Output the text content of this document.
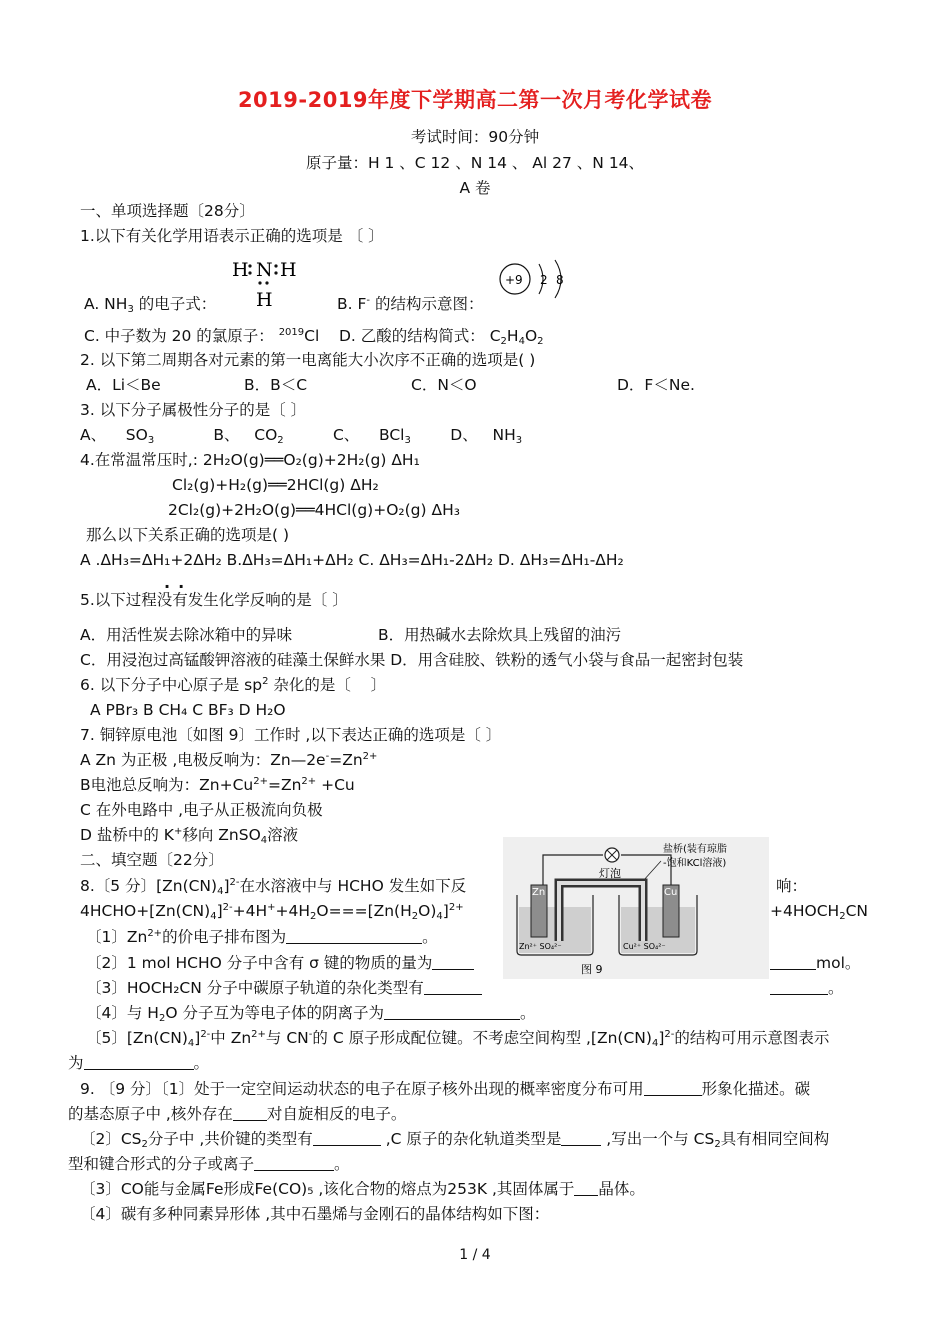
2019-2019年度下学期高二第一次月考化学试卷
考试时间：90分钟
原子量：H 1 、C 12 、N 14 、 Al 27 、N 14、
A 卷
一、单项选择题〔28分〕
1.以下有关化学用语表示正确的选项是 〔 〕
H N H
H
+9 2 8
A. $NH_3$ 的电子式：	B. F- 的结构示意图：
C. 中子数为 20 的氯原子： $^{2019}$Cl    D. 乙酸的结构简式： $C_2H_4O_2$
2. 以下第二周期各对元素的第一电离能大小次序不正确的选项是( )
A．Li＜Be	B．B＜C	C．N＜O	D．F＜Ne.
3. 以下分子属极性分子的是〔 〕
A、    $SO_3$            B、   $CO_2$          C、    BCl$_3$        D、   $NH_3$
4.在常温常压时,: 2H₂O(g)══O₂(g)+2H₂(g) ΔH₁
Cl₂(g)+H₂(g)══2HCl(g) ΔH₂
2Cl₂(g)+2H₂O(g)══4HCl(g)+O₂(g) ΔH₃
那么以下关系正确的选项是( )
A .ΔH₃=ΔH₁+2ΔH₂ B.ΔH₃=ΔH₁+ΔH₂ C. ΔH₃=ΔH₁-2ΔH₂ D. ΔH₃=ΔH₁-ΔH₂
..
5.以下过程没有发生化学反响的是〔 〕
A．用活性炭去除冰箱中的异味	B．用热碱水去除炊具上残留的油污
C．用浸泡过高锰酸钾溶液的硅藻土保鲜水果 D．用含硅胶、铁粉的透气小袋与食品一起密封包装
6. 以下分子中心原子是 $sp^2$ 杂化的是〔    〕
A PBr₃ B CH₄ C BF₃ D H₂O
7. 铜锌原电池〔如图 9〕工作时 ,以下表达正确的选项是〔 〕
A Zn 为正极 ,电极反响为：$Zn—2e^-=Zn^{2+}$
B电池总反响为：$Zn+Cu^{2+}=Zn^{2+} +Cu$
C 在外电路中 ,电子从正极流向负极
D 盐桥中的 K+移向 ZnSO$_4$溶液
二、填空题〔22分〕
灯泡
盐桥(装有琼脂
-饱和KCl溶液)
Zn	Cu
Zn²⁺ SO₄²⁻	Cu²⁺ SO₄²⁻
图 9
8.〔5 分〕$[Zn(CN)_4]^{2-}$在水溶液中与 HCHO 发生如下反	响：
$4HCHO+[Zn(CN)_4]^{2-}+4H^++4H_2O===[Zn(H_2O)_4]^{2+}$	$+4HOCH_2CN$
〔1〕$Zn^{2+}$的价电子排布图为	。
〔2〕1 mol HCHO 分子中含有 σ 键的物质的量为	mol。
〔3〕HOCH₂CN 分子中碳原子轨道的杂化类型有	。
〔4〕与 $H_2O$ 分子互为等电子体的阴离子为	。
〔5〕$[Zn(CN)_4]^{2-}$中 $Zn^{2+}$与 CN-的 C 原子形成配位键。不考虑空间构型 $,[Zn(CN)_4]^{2-}$的结构可用示意图表示
为	。
9. 〔9 分〕〔1〕处于一定空间运动状态的电子在原子核外出现的概率密度分布可用	形象化描述。碳
的基态原子中 ,核外存在 对自旋相反的电子。
〔2〕$CS_2$分子中 ,共价键的类型有	,C 原子的杂化轨道类型是	,写出一个与 $CS_2$具有相同空间构
型和键合形式的分子或离子	。
〔3〕CO能与金属Fe形成Fe(CO)₅ ,该化合物的熔点为253K ,其固体属于 晶体。
〔4〕碳有多种同素异形体 ,其中石墨烯与金刚石的晶体结构如下图：
1 / 4
